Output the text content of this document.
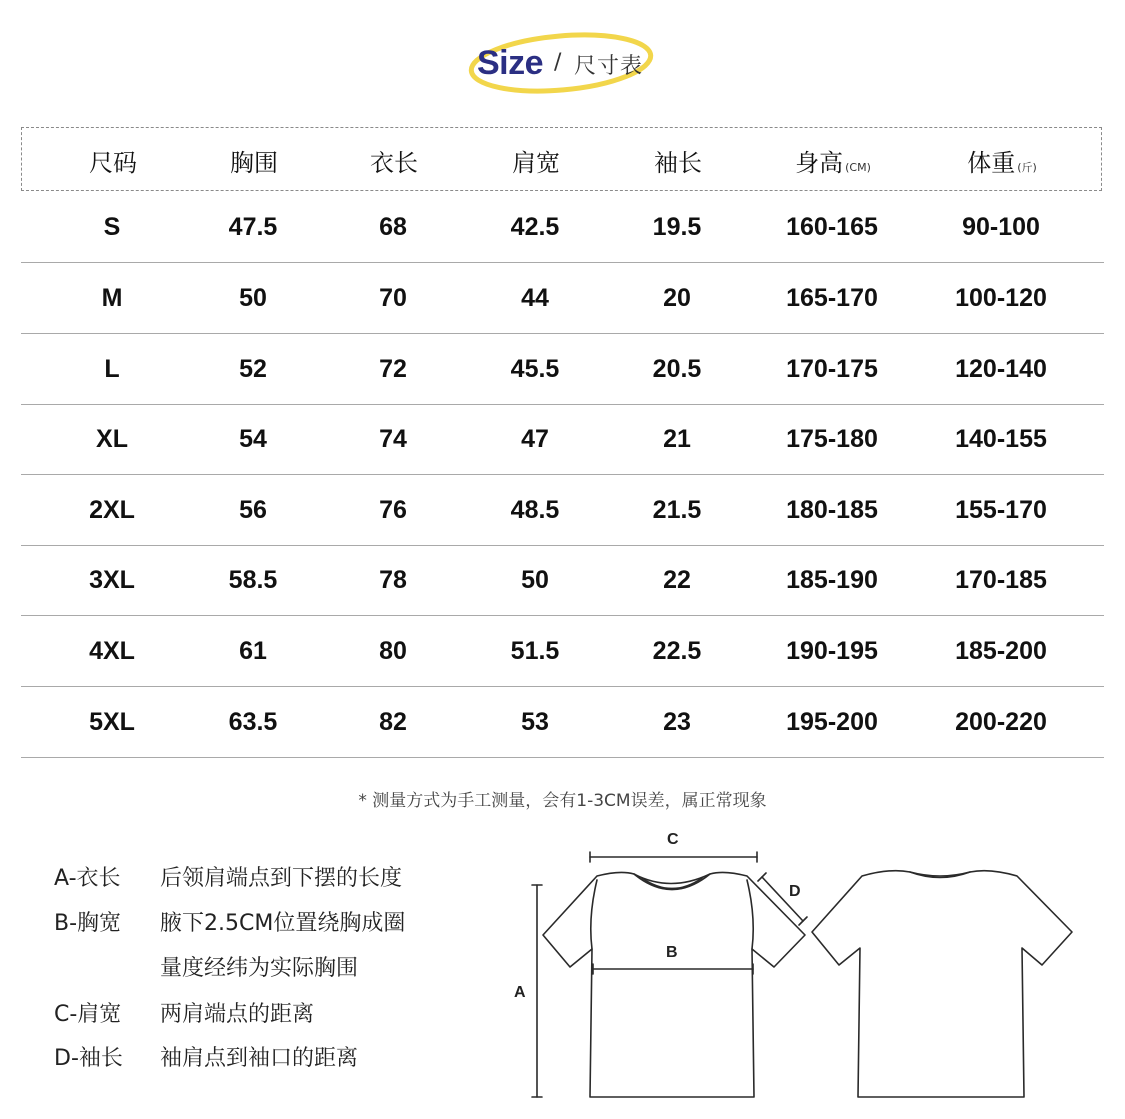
Size / 尺寸表
尺码	胸围	衣长	肩宽	袖长	身高 (CM)	体重 (斤)
S	47.5	68	42.5	19.5	160-165	90-100
M	50	70	44	20	165-170	100-120
L	52	72	45.5	20.5	170-175	120-140
XL	54	74	47	21	175-180	140-155
2XL	56	76	48.5	21.5	180-185	155-170
3XL	58.5	78	50	22	185-190	170-185
4XL	61	80	51.5	22.5	190-195	185-200
5XL	63.5	82	53	23	195-200	200-220
* 测量方式为手工测量，会有1-3CM误差，属正常现象
A-衣长 后领肩端点到下摆的长度
B-胸宽 腋下2.5CM位置绕胸成圈
量度经纬为实际胸围
C-肩宽 两肩端点的距离
D-袖长 袖肩点到袖口的距离
C
D
B
A
